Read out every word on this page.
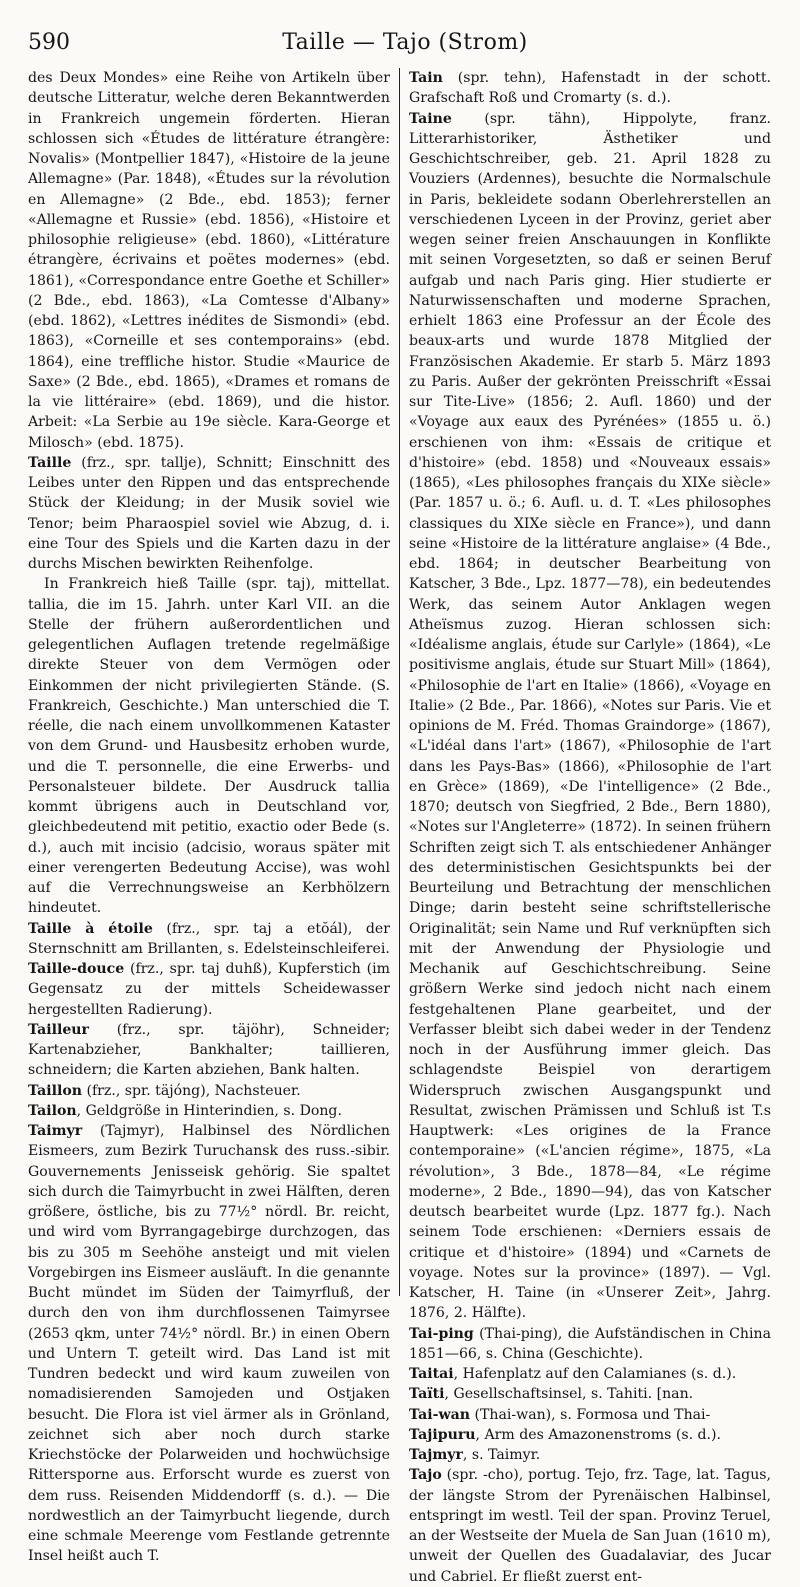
590	Taille — Tajo (Strom)

des Deux Mondes» eine Reihe von Artikeln über deutsche Litteratur, welche deren Bekanntwerden in Frankreich ungemein förderten. Hieran schlossen sich «Études de littérature étrangère: Novalis» (Montpellier 1847), «Histoire de la jeune Allemagne» (Par. 1848), «Études sur la révolution en Allemagne» (2 Bde., ebd. 1853); ferner «Allemagne et Russie» (ebd. 1856), «Histoire et philosophie religieuse» (ebd. 1860), «Littérature étrangère, écrivains et poëtes modernes» (ebd. 1861), «Correspondance entre Goethe et Schiller» (2 Bde., ebd. 1863), «La Comtesse d'Albany» (ebd. 1862), «Lettres inédites de Sismondi» (ebd. 1863), «Corneille et ses contemporains» (ebd. 1864), eine treffliche histor. Studie «Maurice de Saxe» (2 Bde., ebd. 1865), «Drames et romans de la vie littéraire» (ebd. 1869), und die histor. Arbeit: «La Serbie au 19e siècle. Kara-George et Milosch» (ebd. 1875).

Taille (frz., spr. tallje), Schnitt; Einschnitt des Leibes unter den Rippen und das entsprechende Stück der Kleidung; in der Musik soviel wie Tenor; beim Pharaospiel soviel wie Abzug, d. i. eine Tour des Spiels und die Karten dazu in der durchs Mischen bewirkten Reihenfolge.

In Frankreich hieß Taille (spr. taj), mittellat. tallia, die im 15. Jahrh. unter Karl VII. an die Stelle der frühern außerordentlichen und gelegentlichen Auflagen tretende regelmäßige direkte Steuer von dem Vermögen oder Einkommen der nicht privilegierten Stände. (S. Frankreich, Geschichte.) Man unterschied die T. réelle, die nach einem unvollkommenen Kataster von dem Grund- und Hausbesitz erhoben wurde, und die T. personnelle, die eine Erwerbs- und Personalsteuer bildete. Der Ausdruck tallia kommt übrigens auch in Deutschland vor, gleichbedeutend mit petitio, exactio oder Bede (s. d.), auch mit incisio (adcisio, woraus später mit einer verengerten Bedeutung Accise), was wohl auf die Verrechnungsweise an Kerbhölzern hindeutet.

Taille à étoile (frz., spr. taj a etŏál), der Sternschnitt am Brillanten, s. Edelsteinschleiferei.

Taille-douce (frz., spr. taj duhß), Kupferstich (im Gegensatz zu der mittels Scheidewasser hergestellten Radierung).

Tailleur (frz., spr. täjöhr), Schneider; Kartenabzieher, Bankhalter; taillieren, schneidern; die Karten abziehen, Bank halten.

Taillon (frz., spr. täjóng), Nachsteuer.

Tailon, Geldgröße in Hinterindien, s. Dong.

Taimyr (Tajmyr), Halbinsel des Nördlichen Eismeers, zum Bezirk Turuchansk des russ.-sibir. Gouvernements Jenisseisk gehörig. Sie spaltet sich durch die Taimyrbucht in zwei Hälften, deren größere, östliche, bis zu 77½° nördl. Br. reicht, und wird vom Byrrangagebirge durchzogen, das bis zu 305 m Seehöhe ansteigt und mit vielen Vorgebirgen ins Eismeer ausläuft. In die genannte Bucht mündet im Süden der Taimyrfluß, der durch den von ihm durchflossenen Taimyrsee (2653 qkm, unter 74½° nördl. Br.) in einen Obern und Untern T. geteilt wird. Das Land ist mit Tundren bedeckt und wird kaum zuweilen von nomadisierenden Samojeden und Ostjaken besucht. Die Flora ist viel ärmer als in Grönland, zeichnet sich aber noch durch starke Kriechstöcke der Polarweiden und hochwüchsige Rittersporne aus. Erforscht wurde es zuerst von dem russ. Reisenden Middendorff (s. d.). — Die nordwestlich an der Taimyrbucht liegende, durch eine schmale Meerenge vom Festlande getrennte Insel heißt auch T.

Tain (spr. tehn), Hafenstadt in der schott. Grafschaft Roß und Cromarty (s. d.).

Taine (spr. tähn), Hippolyte, franz. Litterarhistoriker, Ästhetiker und Geschichtschreiber, geb. 21. April 1828 zu Vouziers (Ardennes), besuchte die Normalschule in Paris, bekleidete sodann Oberlehrerstellen an verschiedenen Lyceen in der Provinz, geriet aber wegen seiner freien Anschauungen in Konflikte mit seinen Vorgesetzten, so daß er seinen Beruf aufgab und nach Paris ging. Hier studierte er Naturwissenschaften und moderne Sprachen, erhielt 1863 eine Professur an der École des beaux-arts und wurde 1878 Mitglied der Französischen Akademie. Er starb 5. März 1893 zu Paris. Außer der gekrönten Preisschrift «Essai sur Tite-Live» (1856; 2. Aufl. 1860) und der «Voyage aux eaux des Pyrénées» (1855 u. ö.) erschienen von ihm: «Essais de critique et d'histoire» (ebd. 1858) und «Nouveaux essais» (1865), «Les philosophes français du XIXe siècle» (Par. 1857 u. ö.; 6. Aufl. u. d. T. «Les philosophes classiques du XIXe siècle en France»), und dann seine «Histoire de la littérature anglaise» (4 Bde., ebd. 1864; in deutscher Bearbeitung von Katscher, 3 Bde., Lpz. 1877—78), ein bedeutendes Werk, das seinem Autor Anklagen wegen Atheïsmus zuzog. Hieran schlossen sich: «Idéalisme anglais, étude sur Carlyle» (1864), «Le positivisme anglais, étude sur Stuart Mill» (1864), «Philosophie de l'art en Italie» (1866), «Voyage en Italie» (2 Bde., Par. 1866), «Notes sur Paris. Vie et opinions de M. Fréd. Thomas Graindorge» (1867), «L'idéal dans l'art» (1867), «Philosophie de l'art dans les Pays-Bas» (1866), «Philosophie de l'art en Grèce» (1869), «De l'intelligence» (2 Bde., 1870; deutsch von Siegfried, 2 Bde., Bern 1880), «Notes sur l'Angleterre» (1872). In seinen frühern Schriften zeigt sich T. als entschiedener Anhänger des deterministischen Gesichtspunkts bei der Beurteilung und Betrachtung der menschlichen Dinge; darin besteht seine schriftstellerische Originalität; sein Name und Ruf verknüpften sich mit der Anwendung der Physiologie und Mechanik auf Geschichtschreibung. Seine größern Werke sind jedoch nicht nach einem festgehaltenen Plane gearbeitet, und der Verfasser bleibt sich dabei weder in der Tendenz noch in der Ausführung immer gleich. Das schlagendste Beispiel von derartigem Widerspruch zwischen Ausgangspunkt und Resultat, zwischen Prämissen und Schluß ist T.s Hauptwerk: «Les origines de la France contemporaine» («L'ancien régime», 1875, «La révolution», 3 Bde., 1878—84, «Le régime moderne», 2 Bde., 1890—94), das von Katscher deutsch bearbeitet wurde (Lpz. 1877 fg.). Nach seinem Tode erschienen: «Derniers essais de critique et d'histoire» (1894) und «Carnets de voyage. Notes sur la province» (1897). — Vgl. Katscher, H. Taine (in «Unserer Zeit», Jahrg. 1876, 2. Hälfte).

Tai-ping (Thai-ping), die Aufständischen in China 1851—66, s. China (Geschichte).

Taitai, Hafenplatz auf den Calamianes (s. d.).

Taïti, Gesellschaftsinsel, s. Tahiti. [nan.

Tai-wan (Thai-wan), s. Formosa und Thai-

Tajipuru, Arm des Amazonenstroms (s. d.).

Tajmyr, s. Taimyr.

Tajo (spr. -cho), portug. Tejo, frz. Tage, lat. Tagus, der längste Strom der Pyrenäischen Halbinsel, entspringt im westl. Teil der span. Provinz Teruel, an der Westseite der Muela de San Juan (1610 m), unweit der Quellen des Guadalaviar, des Jucar und Cabriel. Er fließt zuerst ent-
